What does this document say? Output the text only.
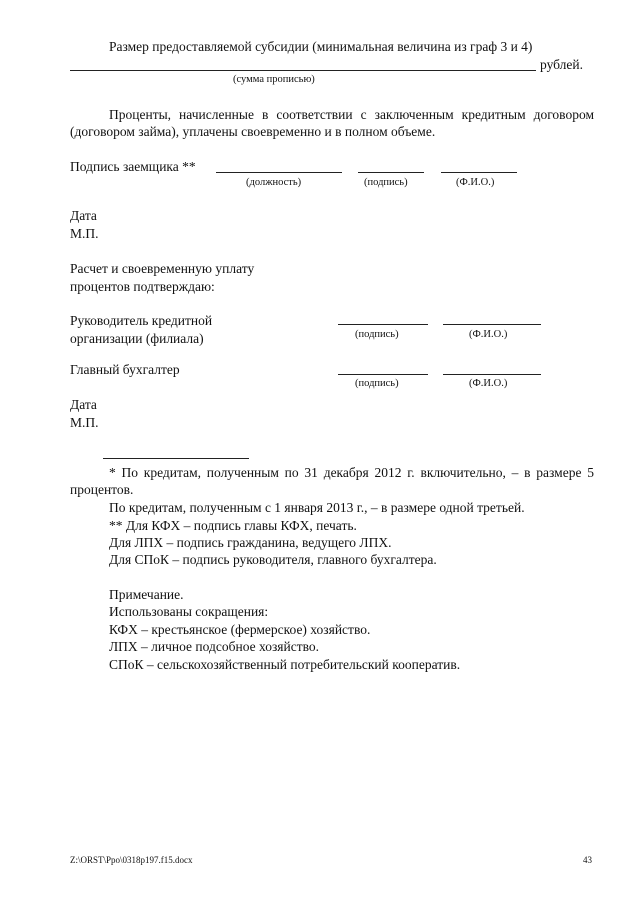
Размер предоставляемой субсидии (минимальная величина из граф 3 и 4)
рублей.
(сумма прописью)
Проценты, начисленные в соответствии с заключенным кредитным договором (договором займа), уплачены своевременно и в полном объеме.
Подпись заемщика **
(должность)	(подпись)	(Ф.И.О.)
Дата
М.П.
Расчет и своевременную уплату
процентов подтверждаю:
Руководитель кредитной
организации (филиала)	(подпись)	(Ф.И.О.)
Главный бухгалтер
(подпись)	(Ф.И.О.)
Дата
М.П.
* По кредитам, полученным по 31 декабря 2012 г. включительно, – в размере 5 процентов.
По кредитам, полученным с 1 января 2013 г., – в размере одной третьей.
** Для КФХ – подпись главы КФХ, печать.
Для ЛПХ – подпись гражданина, ведущего ЛПХ.
Для СПоК – подпись руководителя, главного бухгалтера.
Примечание.
Использованы сокращения:
КФХ – крестьянское (фермерское) хозяйство.
ЛПХ – личное подсобное хозяйство.
СПоК – сельскохозяйственный потребительский кооператив.
Z:\ORST\Ppo\0318p197.f15.docx	43
